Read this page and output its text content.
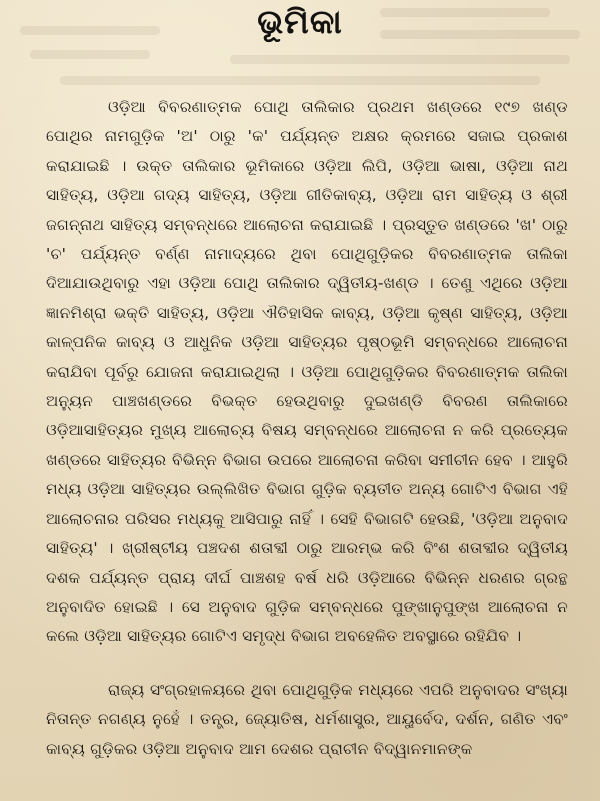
ଭୂମିକା

ଓଡ଼ିଆ ବିବରଣାତ୍ମକ ପୋଥି ତାଲିକାର ପ୍ରଥମ ଖଣ୍ଡରେ ୧୯୭ ଖଣ୍ଡ ପୋଥିର ନାମଗୁଡ଼ିକ 'ଅ' ଠାରୁ 'କ' ପର୍ଯ୍ୟନ୍ତ ଅକ୍ଷର କ୍ରମରେ ସଜାଇ ପ୍ରକାଶ କରାଯାଇଛି । ଉକ୍ତ ତାଲିକାର ଭୂମିକାରେ ଓଡ଼ିଆ ଲିପି, ଓଡ଼ିଆ ଭାଷା, ଓଡ଼ିଆ ନାଥ ସାହିତ୍ୟ, ଓଡ଼ିଆ ଗଦ୍ୟ ସାହିତ୍ୟ, ଓଡ଼ିଆ ଗୀତିକାବ୍ୟ, ଓଡ଼ିଆ ରାମ ସାହିତ୍ୟ ଓ ଶ୍ରୀ ଜଗନ୍ନାଥ ସାହିତ୍ୟ ସମ୍ବନ୍ଧରେ ଆଲୋଚନା କରାଯାଇଛି । ପ୍ରସ୍ତୁତ ଖଣ୍ଡରେ 'ଖ' ଠାରୁ 'ଚ' ପର୍ଯ୍ୟନ୍ତ ବର୍ଣ୍ଣ ନାମାଦ୍ୟରେ ଥିବା ପୋଥିଗୁଡ଼ିକର ବିବରଣାତ୍ମକ ତାଲିକା ଦିଆଯାଉଥିବାରୁ ଏହା ଓଡ଼ିଆ ପୋଥି ତାଲିକାର ଦ୍ୱିତୀୟ-ଖଣ୍ଡ । ତେଣୁ ଏଥିରେ ଓଡ଼ିଆ ଜ୍ଞାନମିଶ୍ରା ଭକ୍ତି ସାହିତ୍ୟ, ଓଡ଼ିଆ ଐତିହାସିକ କାବ୍ୟ, ଓଡ଼ିଆ କୃଷ୍ଣ ସାହିତ୍ୟ, ଓଡ଼ିଆ କାଳ୍ପନିକ କାବ୍ୟ ଓ ଆଧୁନିକ ଓଡ଼ିଆ ସାହିତ୍ୟର ପୃଷ୍ଠଭୂମି ସମ୍ବନ୍ଧରେ ଆଲୋଚନା କରାଯିବା ପୂର୍ବରୁ ଯୋଜନା କରାଯାଇଥିଲା । ଓଡ଼ିଆ ପୋଥିଗୁଡ଼ିକର ବିବରଣାତ୍ମକ ତାଲିକା ଅନ୍ୟୁନ ପାଞ୍ଚଖଣ୍ଡରେ ବିଭକ୍ତ ହେଉଥିବାରୁ ଦୁଇଖଣ୍ଡି ବିବରଣ ତାଲିକାରେ ଓଡ଼ିଆସାହିତ୍ୟର ମୁଖ୍ୟ ଆଲୋଚ୍ୟ ବିଷୟ ସମ୍ବନ୍ଧରେ ଆଲୋଚନା ନ କରି ପ୍ରତ୍ୟେକ ଖଣ୍ଡରେ ସାହିତ୍ୟର ବିଭିନ୍ନ ବିଭାଗ ଉପରେ ଆଲୋଚନା କରିବା ସମୀଚୀନ ହେବ । ଆହୁରି ମଧ୍ୟ ଓଡ଼ିଆ ସାହିତ୍ୟର ଉଲ୍ଲିଖିତ ବିଭାଗ ଗୁଡ଼ିକ ବ୍ୟତୀତ ଅନ୍ୟ ଗୋଟିଏ ବିଭାଗ ଏହି ଆଲୋଚନାର ପରିସର ମଧ୍ୟକୁ ଆସିପାରୁ ନାହିଁ । ସେହି ବିଭାଗଟି ହେଉଛି, 'ଓଡ଼ିଆ ଅନୁବାଦ ସାହିତ୍ୟ' । ଖ୍ରୀଷ୍ଟୀୟ ପଞ୍ଚଦଶ ଶତାବ୍ଦୀ ଠାରୁ ଆରମ୍ଭ କରି ବିଂଶ ଶତାବ୍ଦୀର ଦ୍ୱିତୀୟ ଦଶକ ପର୍ଯ୍ୟନ୍ତ ପ୍ରାୟ ଦୀର୍ଘ ପାଞ୍ଚଶହ ବର୍ଷ ଧରି ଓଡ଼ିଆରେ ବିଭିନ୍ନ ଧରଣର ଗ୍ରନ୍ଥ ଅନୁବାଦିତ ହୋଇଛି । ସେ ଅନୁବାଦ ଗୁଡ଼ିକ ସମ୍ବନ୍ଧରେ ପୁଙ୍ଖାନୁପୁଙ୍ଖ ଆଲୋଚନା ନ କଲେ ଓଡ଼ିଆ ସାହିତ୍ୟର ଗୋଟିଏ ସମୃଦ୍ଧ ବିଭାଗ ଅବହେଳିତ ଅବସ୍ଥାରେ ରହିଯିବ ।

ରାଜ୍ୟ ସଂଗ୍ରହାଳୟରେ ଥିବା ପୋଥିଗୁଡ଼ିକ ମଧ୍ୟରେ ଏପରି ଅନୁବାଦର ସଂଖ୍ୟା ନିତାନ୍ତ ନଗଣ୍ୟ ନୁହେଁ । ତନ୍ତ୍ର, ଜ୍ୟୋତିଷ, ଧର୍ମଶାସ୍ତ୍ର, ଆୟୁର୍ବେଦ, ଦର୍ଶନ, ଗଣିତ ଏବଂ କାବ୍ୟ ଗୁଡ଼ିକର ଓଡ଼ିଆ ଅନୁବାଦ ଆମ ଦେଶର ପ୍ରାଚୀନ ବିଦ୍ୱାନମାନଙ୍କ
